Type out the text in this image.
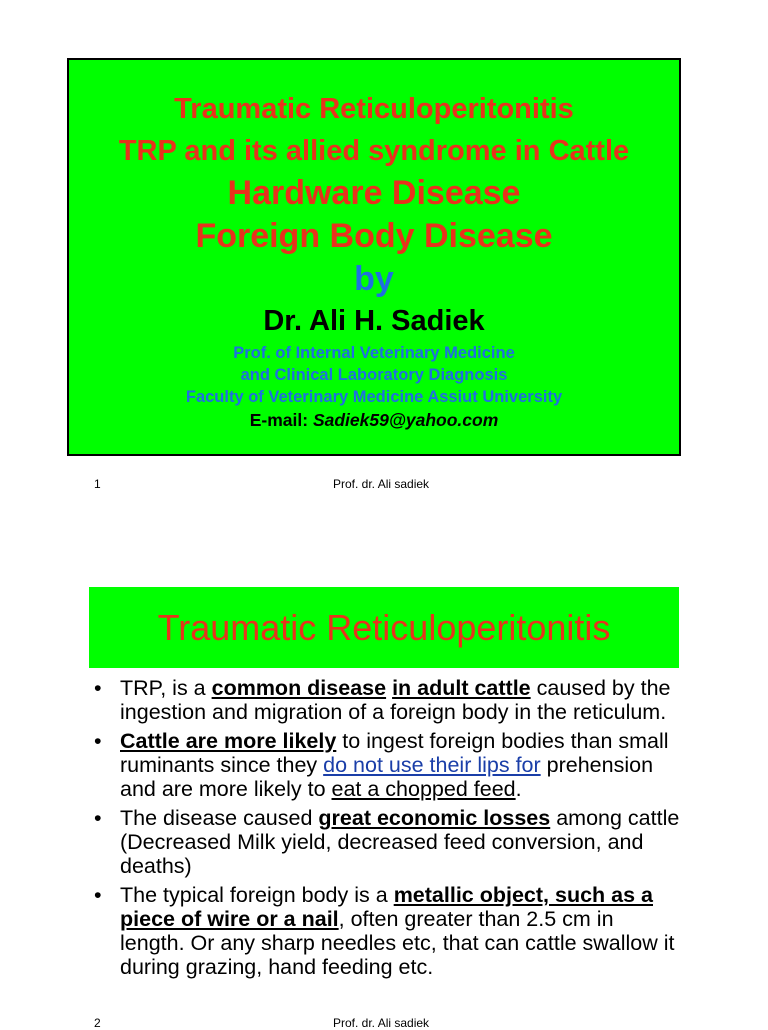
Traumatic Reticuloperitonitis
TRP and its allied syndrome in Cattle
Hardware Disease
Foreign Body Disease
by
Dr. Ali H. Sadiek
Prof. of Internal Veterinary Medicine
and Clinical Laboratory Diagnosis
Faculty of Veterinary Medicine Assiut University
E-mail: Sadiek59@yahoo.com
1	Prof. dr. Ali sadiek
Traumatic Reticuloperitonitis
• TRP, is a common disease in adult cattle caused by the ingestion and migration of a foreign body in the reticulum.
• Cattle are more likely to ingest foreign bodies than small ruminants since they do not use their lips for prehension and are more likely to eat a chopped feed.
• The disease caused great economic losses among cattle (Decreased Milk yield, decreased feed conversion, and deaths)
• The typical foreign body is a metallic object, such as a piece of wire or a nail, often greater than 2.5 cm in length. Or any sharp needles etc, that can cattle swallow it during grazing, hand feeding etc.
2	Prof. dr. Ali sadiek
